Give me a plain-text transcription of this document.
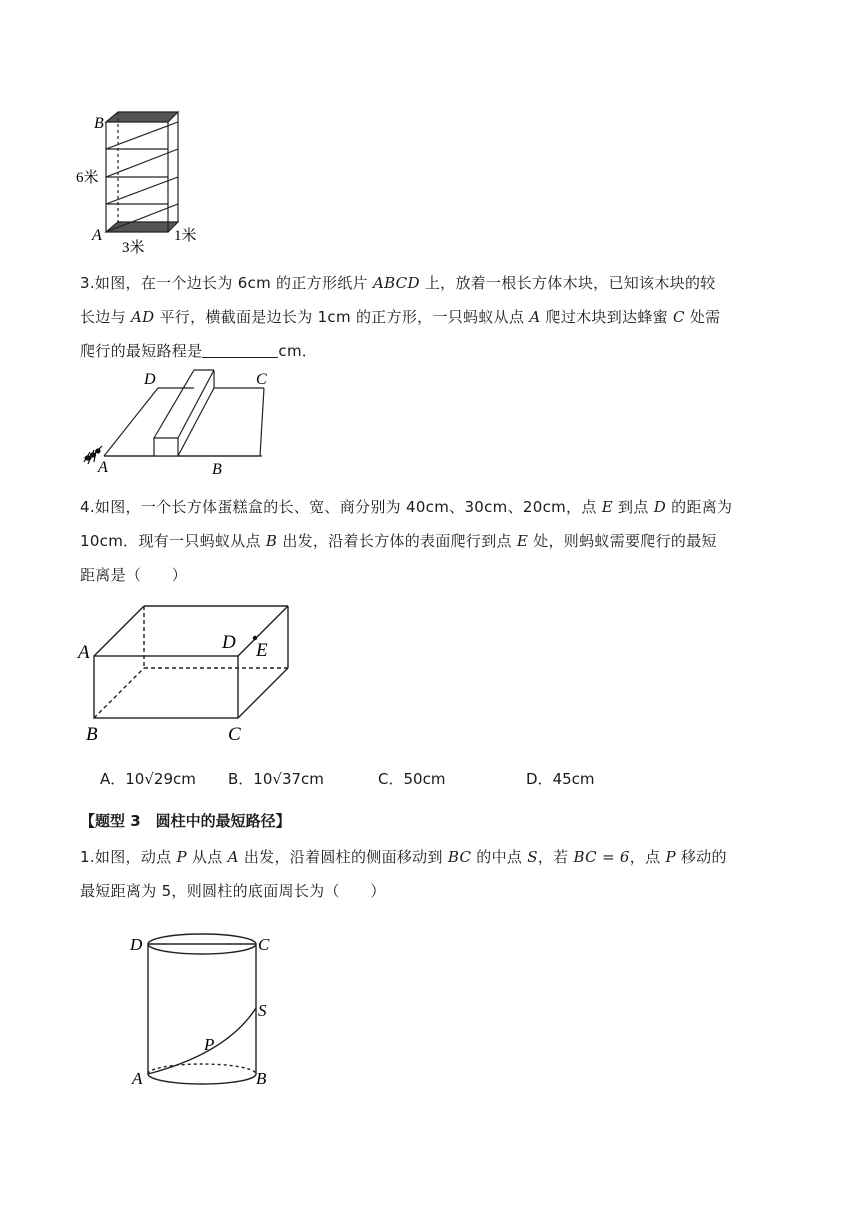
B
A
6米
3米
1米
3.如图，在一个边长为 6cm 的正方形纸片 ABCD 上，放着一根长方体木块，已知该木块的较
长边与 AD 平行，横截面是边长为 1cm 的正方形，一只蚂蚁从点 A 爬过木块到达蜂蜜 C 处需
爬行的最短路程是	cm．
D	C
A	B
4.如图，一个长方体蛋糕盒的长、宽、商分别为 40cm、30cm、20cm，点 E 到点 D 的距离为
10cm．现有一只蚂蚁从点 B 出发，沿着长方体的表面爬行到点 E 处，则蚂蚁需要爬行的最短
距离是（　　）
A	D E
B	C
A．10√29cm B．10√37cm	C．50cm	D．45cm
【题型 3　圆柱中的最短路径】
1.如图，动点 P 从点 A 出发，沿着圆柱的侧面移动到 BC 的中点 S，若 BC = 6，点 P 移动的
最短距离为 5，则圆柱的底面周长为（　　）
D	C
S
P
A	B
